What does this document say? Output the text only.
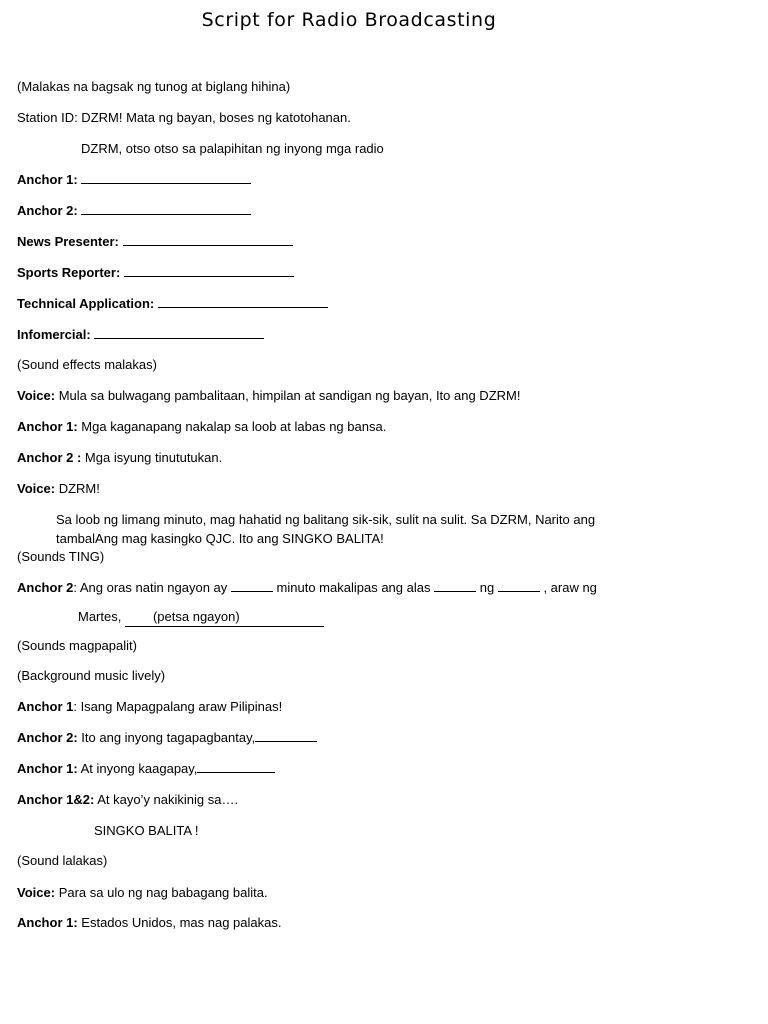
Script for Radio Broadcasting
(Malakas na bagsak ng tunog at biglang hihina)
Station ID: DZRM! Mata ng bayan, boses ng katotohanan.
DZRM, otso otso sa palapihitan ng inyong mga radio
Anchor 1:
Anchor 2:
News Presenter:
Sports Reporter:
Technical Application:
Infomercial:
(Sound effects malakas)
Voice: Mula sa bulwagang pambalitaan, himpilan at sandigan ng bayan, Ito ang DZRM!
Anchor 1: Mga kaganapang nakalap sa loob at labas ng bansa.
Anchor 2 : Mga isyung tinututukan.
Voice: DZRM!
Sa loob ng limang minuto, mag hahatid ng balitang sik-sik, sulit na sulit. Sa DZRM, Narito ang
tambalAng mag kasingko QJC. Ito ang SINGKO BALITA!
(Sounds TING)
Anchor 2: Ang oras natin ngayon ay	minuto makalipas ang alas	ng	, araw ng
Martes, (petsa ngayon)
(Sounds magpapalit)
(Background music lively)
Anchor 1: Isang Mapagpalang araw Pilipinas!
Anchor 2: Ito ang inyong tagapagbantay,
Anchor 1: At inyong kaagapay,
Anchor 1&2: At kayo’y nakikinig sa….
SINGKO BALITA !
(Sound lalakas)
Voice: Para sa ulo ng nag babagang balita.
Anchor 1: Estados Unidos, mas nag palakas.
